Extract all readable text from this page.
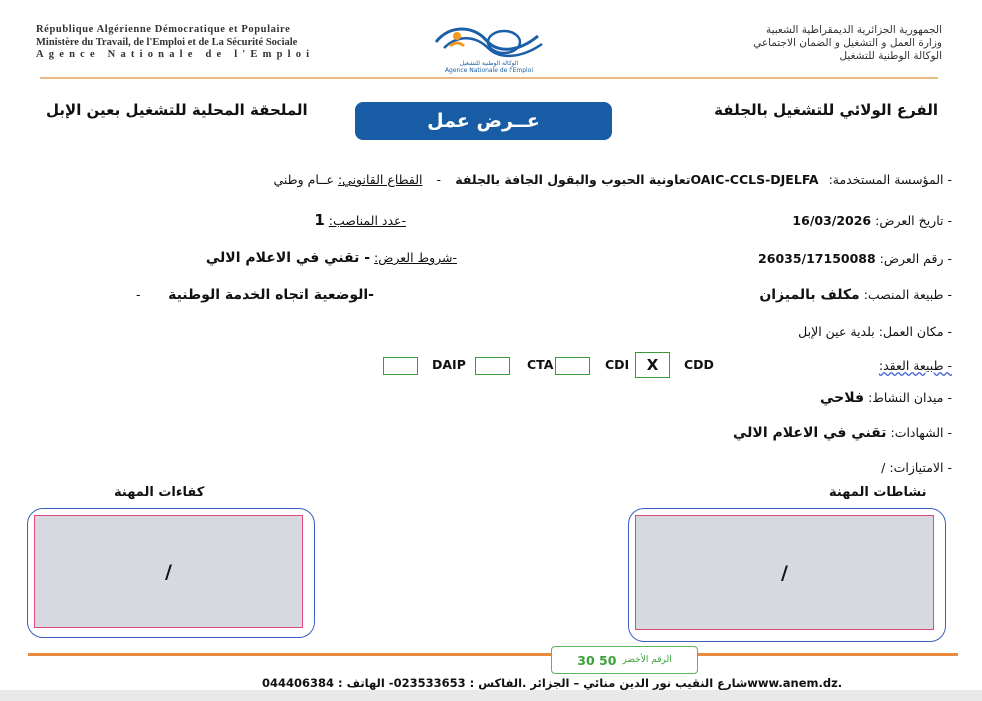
République Algérienne Démocratique et Populaire
Ministère du Travail, de l'Emploi et de La Sécurité Sociale
Agence Nationale de l'Emploi
الوكالة الوطنية للتشغيل
Agence Nationale de l'Emploi
الجمهورية الجزائرية الديمقراطية الشعبية
وزارة العمل و التشغيل و الضمان الاجتماعي
الوكالة الوطنية للتشغيل
الفرع الولائي للتشغيل بالجلفة
عــرض عمل
الملحقة المحلية للتشغيل بعين الإبل
- المؤسسة المستخدمة: OAIC-CCLS-DJELFAتعاونية الحبوب والبقول الجافة بالجلفة
- القطاع القانوني: عــام وطني
- تاريخ العرض: 16/03/2026
-عدد المناصب: 1
- رقم العرض: 26035/17150088
-شروط العرض: - تقني في الاعلام الالي
- طبيعة المنصب: مكلف بالميزان
-الوضعية اتجاه الخدمة الوطنية
-
- مكان العمل: بلدية عين الإبل
- طبيعة العقد:
CDD
X
CDI
CTA
DAIP
- ميدان النشاط: فلاحي
- الشهادات: تقني في الاعلام الالي
- الامتيازات: /
نشاطات المهنة
كفاءات المهنة
/
/
30 50 الرقم الأخضر
شارع النقيب نور الدين منائي – الجزائر .الفاكس : 023533653- الهاتف : 044406384www.anem.dz.
